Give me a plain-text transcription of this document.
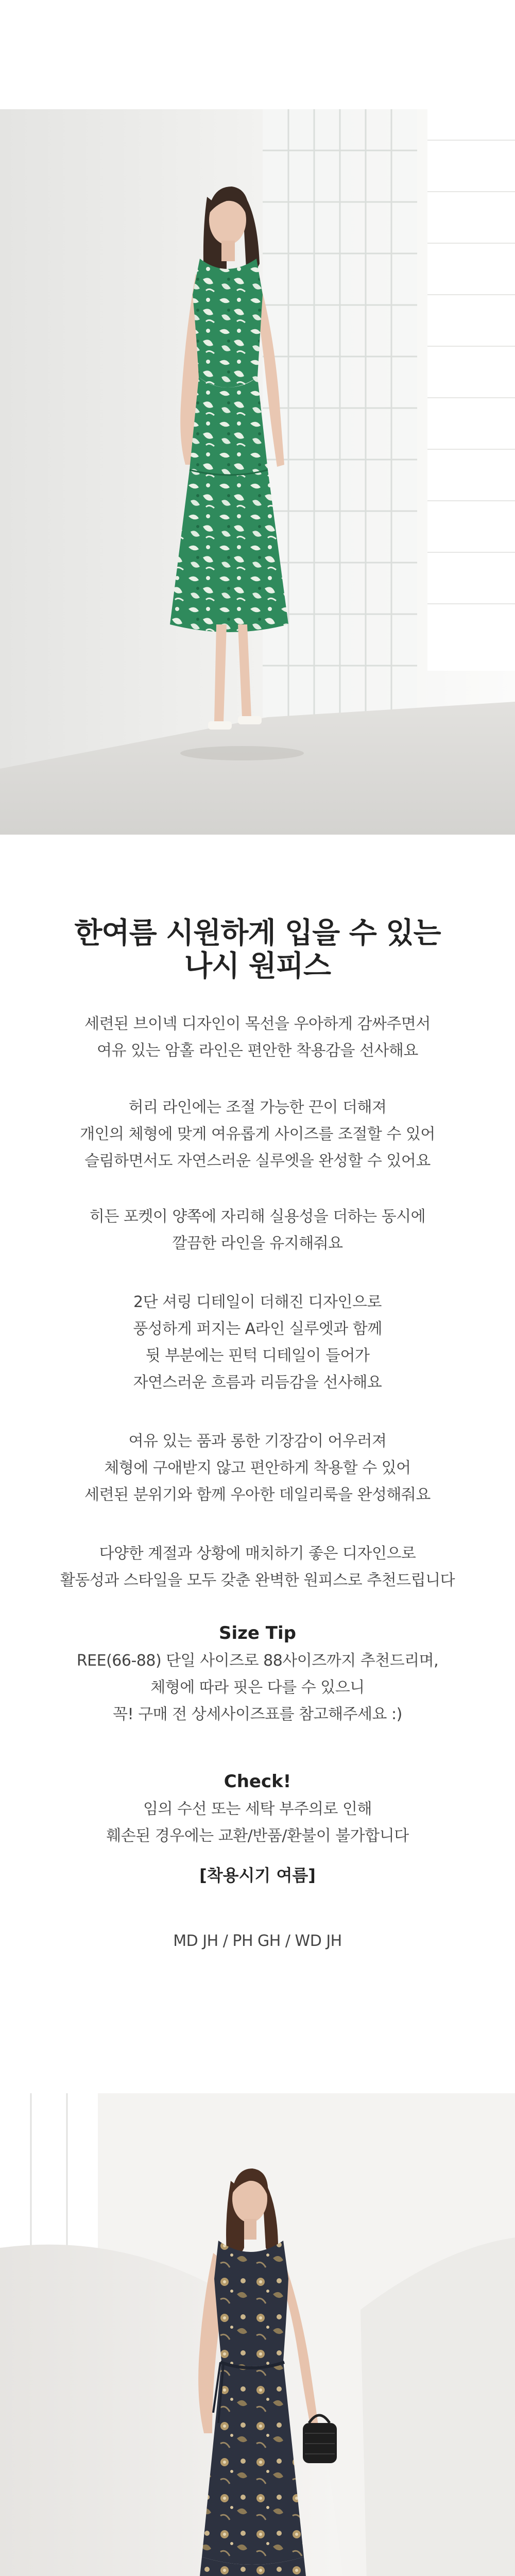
한여름 시원하게 입을 수 있는
나시 원피스
세련된 브이넥 디자인이 목선을 우아하게 감싸주면서
여유 있는 암홀 라인은 편안한 착용감을 선사해요
허리 라인에는 조절 가능한 끈이 더해져
개인의 체형에 맞게 여유롭게 사이즈를 조절할 수 있어
슬림하면서도 자연스러운 실루엣을 완성할 수 있어요
히든 포켓이 양쪽에 자리해 실용성을 더하는 동시에
깔끔한 라인을 유지해줘요
2단 셔링 디테일이 더해진 디자인으로
풍성하게 퍼지는 A라인 실루엣과 함께
뒷 부분에는 핀턱 디테일이 들어가
자연스러운 흐름과 리듬감을 선사해요
여유 있는 품과 롱한 기장감이 어우러져
체형에 구애받지 않고 편안하게 착용할 수 있어
세련된 분위기와 함께 우아한 데일리룩을 완성해줘요
다양한 계절과 상황에 매치하기 좋은 디자인으로
활동성과 스타일을 모두 갖춘 완벽한 원피스로 추천드립니다
Size Tip
REE(66-88) 단일 사이즈로 88사이즈까지 추천드리며,
체형에 따라 핏은 다를 수 있으니
꼭! 구매 전 상세사이즈표를 참고해주세요 :)
Check!
임의 수선 또는 세탁 부주의로 인해
훼손된 경우에는 교환/반품/환불이 불가합니다
[착용시기 여름]
MD JH / PH GH / WD JH
